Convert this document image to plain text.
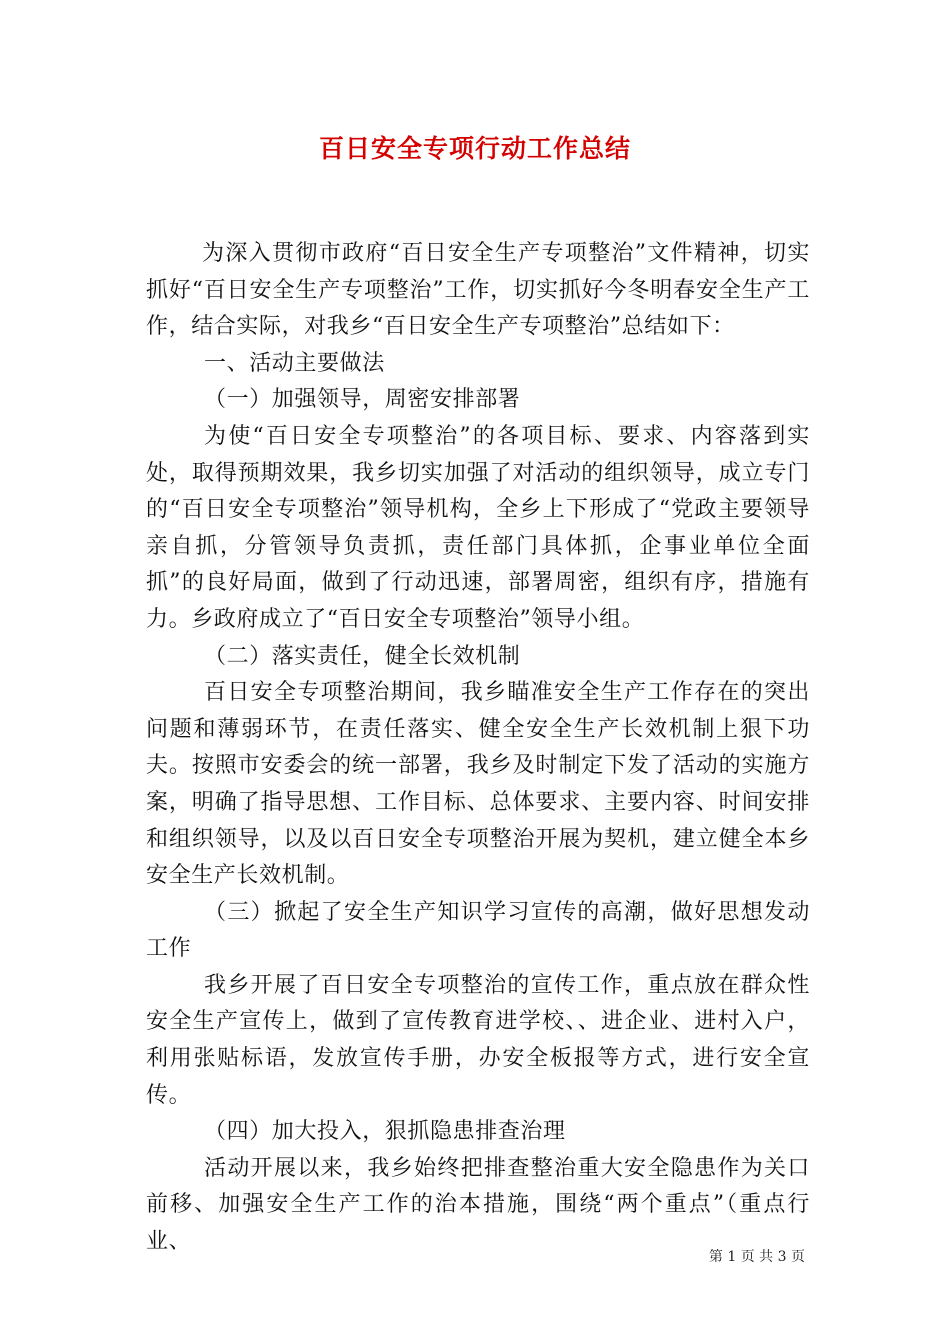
百日安全专项行动工作总结

为深入贯彻市政府“百日安全生产专项整治”文件精神，切实抓好“百日安全生产专项整治”工作，切实抓好今冬明春安全生产工作，结合实际，对我乡“百日安全生产专项整治”总结如下：

一、活动主要做法

（一）加强领导，周密安排部署

为使“百日安全专项整治”的各项目标、要求、内容落到实处，取得预期效果，我乡切实加强了对活动的组织领导，成立专门的“百日安全专项整治”领导机构，全乡上下形成了“党政主要领导亲自抓，分管领导负责抓，责任部门具体抓，企事业单位全面抓”的良好局面，做到了行动迅速，部署周密，组织有序，措施有力。乡政府成立了“百日安全专项整治”领导小组。

（二）落实责任，健全长效机制

百日安全专项整治期间，我乡瞄准安全生产工作存在的突出问题和薄弱环节，在责任落实、健全安全生产长效机制上狠下功夫。按照市安委会的统一部署，我乡及时制定下发了活动的实施方案，明确了指导思想、工作目标、总体要求、主要内容、时间安排和组织领导，以及以百日安全专项整治开展为契机，建立健全本乡安全生产长效机制。

（三）掀起了安全生产知识学习宣传的高潮，做好思想发动工作

我乡开展了百日安全专项整治的宣传工作，重点放在群众性安全生产宣传上，做到了宣传教育进学校、、进企业、进村入户，利用张贴标语，发放宣传手册，办安全板报等方式，进行安全宣传。

（四）加大投入，狠抓隐患排查治理

活动开展以来，我乡始终把排查整治重大安全隐患作为关口前移、加强安全生产工作的治本措施，围绕“两个重点”（重点行业、

第 1 页 共 3 页
